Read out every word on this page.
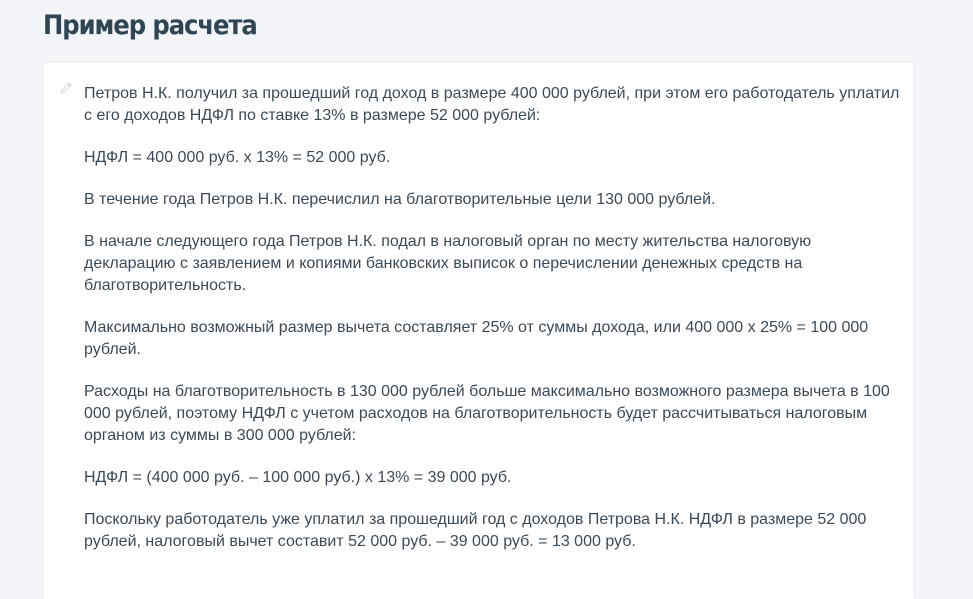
Пример расчета

Петров Н.К. получил за прошедший год доход в размере 400 000 рублей, при этом его работодатель уплатил с его доходов НДФЛ по ставке 13% в размере 52 000 рублей:

НДФЛ = 400 000 руб. х 13% = 52 000 руб.

В течение года Петров Н.К. перечислил на благотворительные цели 130 000 рублей.

В начале следующего года Петров Н.К. подал в налоговый орган по месту жительства налоговую декларацию с заявлением и копиями банковских выписок о перечислении денежных средств на благотворительность.

Максимально возможный размер вычета составляет 25% от суммы дохода, или 400 000 х 25% = 100 000 рублей.

Расходы на благотворительность в 130 000 рублей больше максимально возможного размера вычета в 100 000 рублей, поэтому НДФЛ с учетом расходов на благотворительность будет рассчитываться налоговым органом из суммы в 300 000 рублей:

НДФЛ = (400 000 руб. – 100 000 руб.) х 13% = 39 000 руб.

Поскольку работодатель уже уплатил за прошедший год с доходов Петрова Н.К. НДФЛ в размере 52 000 рублей, налоговый вычет составит 52 000 руб. – 39 000 руб. = 13 000 руб.
